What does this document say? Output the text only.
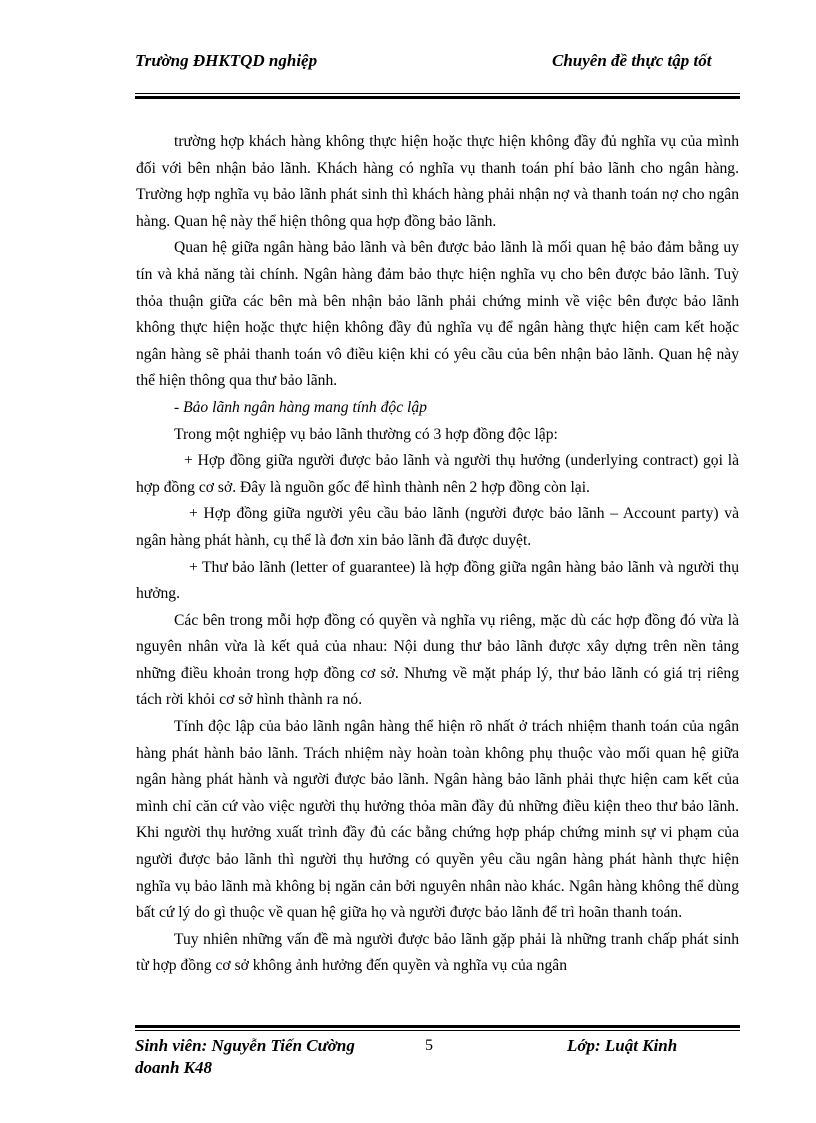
Trường ĐHKTQD nghiệp	Chuyên đề thực tập tốt

trường hợp khách hàng không thực hiện hoặc thực hiện không đầy đủ nghĩa vụ của mình đối với bên nhận bảo lãnh. Khách hàng có nghĩa vụ thanh toán phí bảo lãnh cho ngân hàng. Trường hợp nghĩa vụ bảo lãnh phát sinh thì khách hàng phải nhận nợ và thanh toán nợ cho ngân hàng. Quan hệ này thể hiện thông qua hợp đồng bảo lãnh.

Quan hệ giữa ngân hàng bảo lãnh và bên được bảo lãnh là mối quan hệ bảo đảm bằng uy tín và khả năng tài chính. Ngân hàng đảm bảo thực hiện nghĩa vụ cho bên được bảo lãnh. Tuỳ thỏa thuận giữa các bên mà bên nhận bảo lãnh phải chứng minh về việc bên được bảo lãnh không thực hiện hoặc thực hiện không đầy đủ nghĩa vụ để ngân hàng thực hiện cam kết hoặc ngân hàng sẽ phải thanh toán vô điều kiện khi có yêu cầu của bên nhận bảo lãnh. Quan hệ này thể hiện thông qua thư bảo lãnh.

- Bảo lãnh ngân hàng mang tính độc lập

Trong một nghiệp vụ bảo lãnh thường có 3 hợp đồng độc lập:

+ Hợp đồng giữa người được bảo lãnh và người thụ hưởng (underlying contract) gọi là hợp đồng cơ sở. Đây là nguồn gốc để hình thành nên 2 hợp đồng còn lại.

+ Hợp đồng giữa người yêu cầu bảo lãnh (người được bảo lãnh – Account party) và ngân hàng phát hành, cụ thể là đơn xin bảo lãnh đã được duyệt.

+ Thư bảo lãnh (letter of guarantee) là hợp đồng giữa ngân hàng bảo lãnh và người thụ hưởng.

Các bên trong mỗi hợp đồng có quyền và nghĩa vụ riêng, mặc dù các hợp đồng đó vừa là nguyên nhân vừa là kết quả của nhau: Nội dung thư bảo lãnh được xây dựng trên nền tảng những điều khoản trong hợp đồng cơ sở. Nhưng về mặt pháp lý, thư bảo lãnh có giá trị riêng tách rời khỏi cơ sở hình thành ra nó.

Tính độc lập của bảo lãnh ngân hàng thể hiện rõ nhất ở trách nhiệm thanh toán của ngân hàng phát hành bảo lãnh. Trách nhiệm này hoàn toàn không phụ thuộc vào mối quan hệ giữa ngân hàng phát hành và người được bảo lãnh. Ngân hàng bảo lãnh phải thực hiện cam kết của mình chỉ căn cứ vào việc người thụ hưởng thỏa mãn đầy đủ những điều kiện theo thư bảo lãnh. Khi người thụ hưởng xuất trình đầy đủ các bằng chứng hợp pháp chứng minh sự vi phạm của người được bảo lãnh thì người thụ hưởng có quyền yêu cầu ngân hàng phát hành thực hiện nghĩa vụ bảo lãnh mà không bị ngăn cản bởi nguyên nhân nào khác. Ngân hàng không thể dùng bất cứ lý do gì thuộc về quan hệ giữa họ và người được bảo lãnh để trì hoãn thanh toán.

Tuy nhiên những vấn đề mà người được bảo lãnh gặp phải là những tranh chấp phát sinh từ hợp đồng cơ sở không ảnh hưởng đến quyền và nghĩa vụ của ngân

Sinh viên: Nguyễn Tiến Cường doanh K48
5	Lớp: Luật Kinh
